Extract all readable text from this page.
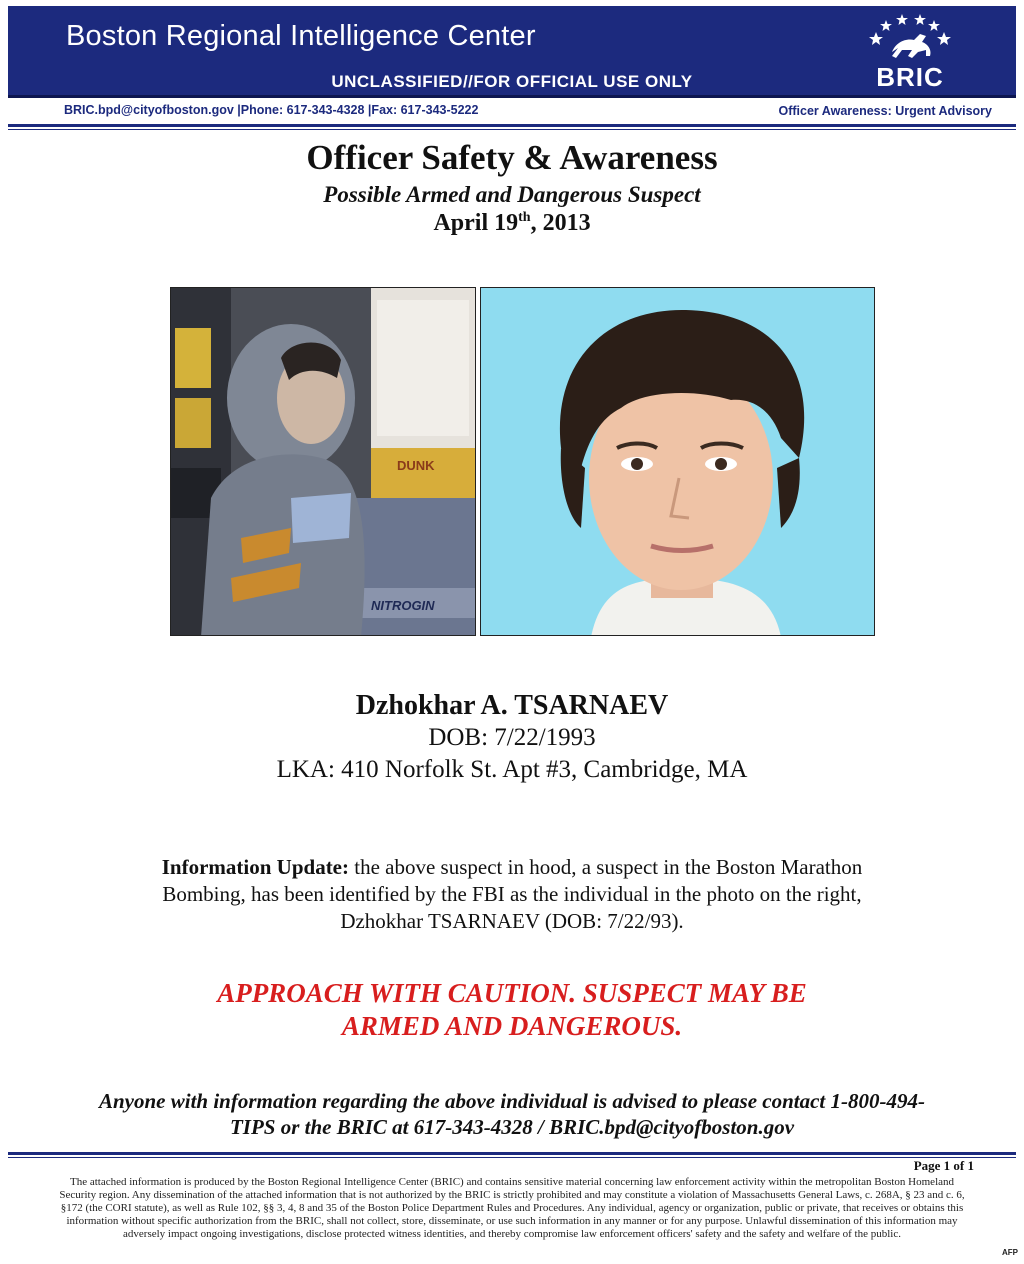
Boston Regional Intelligence Center
UNCLASSIFIED//FOR OFFICIAL USE ONLY	BRIC
BRIC.bpd@cityofboston.gov |Phone: 617-343-4328 |Fax: 617-343-5222	Officer Awareness: Urgent Advisory
Officer Safety & Awareness
Possible Armed and Dangerous Suspect
April 19th, 2013
DUNK
NITROGIN
Dzhokhar A. TSARNAEV
DOB: 7/22/1993
LKA: 410 Norfolk St. Apt #3, Cambridge, MA
Information Update: the above suspect in hood, a suspect in the Boston Marathon Bombing, has been identified by the FBI as the individual in the photo on the right, Dzhokhar TSARNAEV (DOB: 7/22/93).
APPROACH WITH CAUTION. SUSPECT MAY BE
ARMED AND DANGEROUS.
Anyone with information regarding the above individual is advised to please contact 1-800-494-
TIPS or the BRIC at 617-343-4328 / BRIC.bpd@cityofboston.gov
Page 1 of 1
The attached information is produced by the Boston Regional Intelligence Center (BRIC) and contains sensitive material concerning law enforcement activity within the metropolitan Boston Homeland Security region. Any dissemination of the attached information that is not authorized by the BRIC is strictly prohibited and may constitute a violation of Massachusetts General Laws, c. 268A, § 23 and c. 6, §172 (the CORI statute), as well as Rule 102, §§ 3, 4, 8 and 35 of the Boston Police Department Rules and Procedures. Any individual, agency or organization, public or private, that receives or obtains this information without specific authorization from the BRIC, shall not collect, store, disseminate, or use such information in any manner or for any purpose. Unlawful dissemination of this information may adversely impact ongoing investigations, disclose protected witness identities, and thereby compromise law enforcement officers' safety and the safety and welfare of the public.
AFP
